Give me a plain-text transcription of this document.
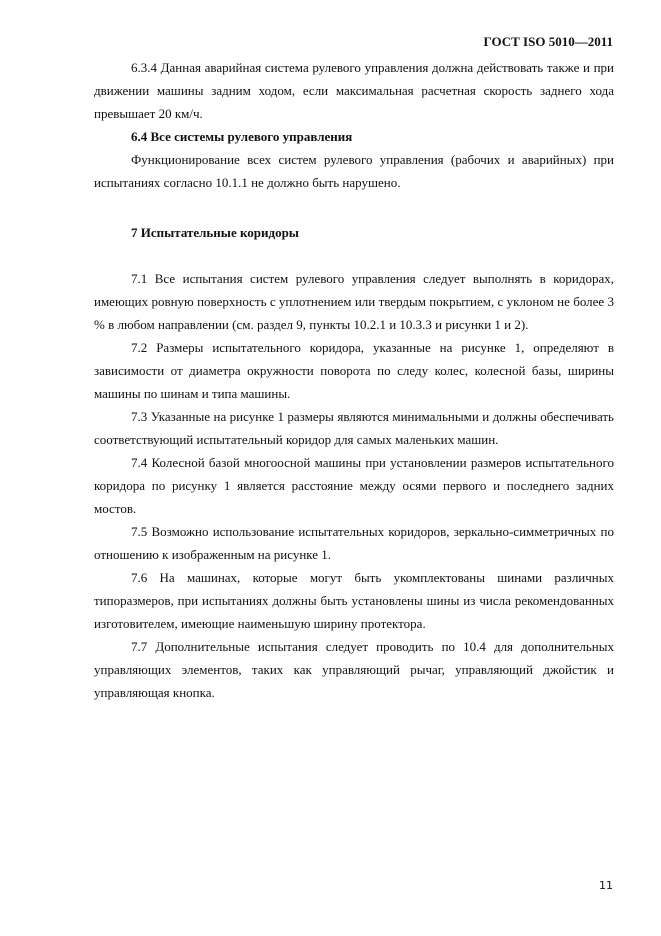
ГОСТ ISO 5010—2011

6.3.4 Данная аварийная система рулевого управления должна действовать также и при движении машины задним ходом, если максимальная расчетная скорость заднего хода превышает 20 км/ч.

6.4 Все системы рулевого управления

Функционирование всех систем рулевого управления (рабочих и аварийных) при испытаниях согласно 10.1.1 не должно быть нарушено.

7 Испытательные коридоры

7.1 Все испытания систем рулевого управления следует выполнять в коридорах, имеющих ровную поверхность с уплотнением или твердым покрытием, с уклоном не более 3 % в любом направлении (см. раздел 9, пункты 10.2.1 и 10.3.3 и рисунки 1 и 2).

7.2 Размеры испытательного коридора, указанные на рисунке 1, определяют в зависимости от диаметра окружности поворота по следу колес, колесной базы, ширины машины по шинам и типа машины.

7.3 Указанные на рисунке 1 размеры являются минимальными и должны обеспечивать соответствующий испытательный коридор для самых маленьких машин.

7.4 Колесной базой многоосной машины при установлении размеров испытательного коридора по рисунку 1 является расстояние между осями первого и последнего задних мостов.

7.5 Возможно использование испытательных коридоров, зеркально-симметричных по отношению к изображенным на рисунке 1.

7.6 На машинах, которые могут быть укомплектованы шинами различных типоразмеров, при испытаниях должны быть установлены шины из числа рекомендованных изготовителем, имеющие наименьшую ширину протектора.

7.7 Дополнительные испытания следует проводить по 10.4 для дополнительных управляющих элементов, таких как управляющий рычаг, управляющий джойстик и управляющая кнопка.

11
